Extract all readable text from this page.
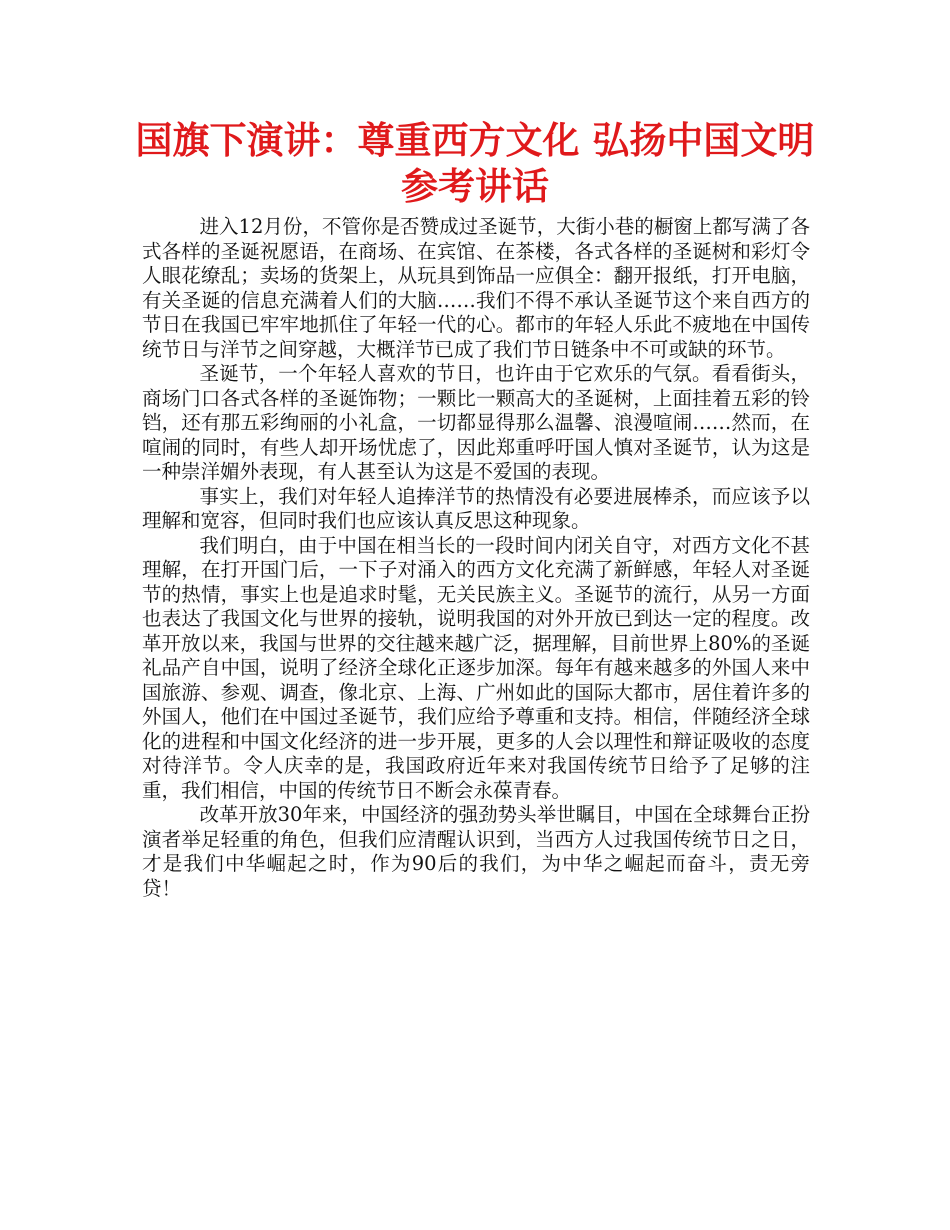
国旗下演讲：尊重西方文化 弘扬中国文明
参考讲话

进入12月份，不管你是否赞成过圣诞节，大街小巷的橱窗上都写满了各式各样的圣诞祝愿语，在商场、在宾馆、在茶楼，各式各样的圣诞树和彩灯令人眼花缭乱；卖场的货架上，从玩具到饰品一应俱全：翻开报纸，打开电脑，有关圣诞的信息充满着人们的大脑……我们不得不承认圣诞节这个来自西方的节日在我国已牢牢地抓住了年轻一代的心。都市的年轻人乐此不疲地在中国传统节日与洋节之间穿越，大概洋节已成了我们节日链条中不可或缺的环节。

圣诞节，一个年轻人喜欢的节日，也许由于它欢乐的气氛。看看街头，商场门口各式各样的圣诞饰物；一颗比一颗高大的圣诞树，上面挂着五彩的铃铛，还有那五彩绚丽的小礼盒，一切都显得那么温馨、浪漫喧闹……然而，在喧闹的同时，有些人却开场忧虑了，因此郑重呼吁国人慎对圣诞节，认为这是一种崇洋媚外表现，有人甚至认为这是不爱国的表现。

事实上，我们对年轻人追捧洋节的热情没有必要进展棒杀，而应该予以理解和宽容，但同时我们也应该认真反思这种现象。

我们明白，由于中国在相当长的一段时间内闭关自守，对西方文化不甚理解，在打开国门后，一下子对涌入的西方文化充满了新鲜感，年轻人对圣诞节的热情，事实上也是追求时髦，无关民族主义。圣诞节的流行，从另一方面也表达了我国文化与世界的接轨，说明我国的对外开放已到达一定的程度。改革开放以来，我国与世界的交往越来越广泛，据理解，目前世界上80%的圣诞礼品产自中国，说明了经济全球化正逐步加深。每年有越来越多的外国人来中国旅游、参观、调查，像北京、上海、广州如此的国际大都市，居住着许多的外国人，他们在中国过圣诞节，我们应给予尊重和支持。相信，伴随经济全球化的进程和中国文化经济的进一步开展，更多的人会以理性和辩证吸收的态度对待洋节。令人庆幸的是，我国政府近年来对我国传统节日给予了足够的注重，我们相信，中国的传统节日不断会永葆青春。

改革开放30年来，中国经济的强劲势头举世瞩目，中国在全球舞台正扮演者举足轻重的角色，但我们应清醒认识到，当西方人过我国传统节日之日，才是我们中华崛起之时，作为90后的我们，为中华之崛起而奋斗，责无旁贷！
